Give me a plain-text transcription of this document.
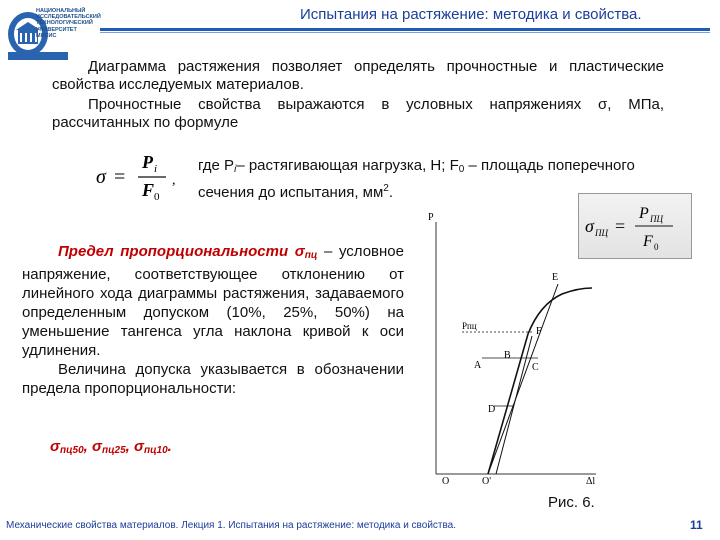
НАЦИОНАЛЬНЫЙ
ИССЛЕДОВАТЕЛЬСКИЙ
ТЕХНОЛОГИЧЕСКИЙ
УНИВЕРСИТЕТ
МИСИС
Испытания на растяжение: методика и свойства.
Диаграмма растяжения позволяет определять прочностные и пластические свойства исследуемых материалов.
Прочностные свойства выражаются в условных напряжениях σ, МПа, рассчитанных по формуле
σ =
P i
F 0
,
где $P_i-$ растягивающая нагрузка, Н; $F_0$ – площадь поперечного сечения до испытания, $мм^2$.
σ ПЦ =
P ПЦ
F 0
Предел пропорциональности $\sigma_{пц}$ – условное напряжение, соответствующее отклонению от линейного хода диаграммы растяжения, задаваемого определенным допуском (10%, 25%, 50%) на уменьшение тангенса угла наклона кривой к оси удлинения.
Величина допуска указывается в обозначении предела пропорциональности:
$\sigma_{пц50}$, $\sigma_{пц25}$, $\sigma_{пц10}$.
P
Δl
E
F
Pпц
A
B
C
D
O	O'
Рис. 6.
Механические свойства материалов. Лекция 1. Испытания на растяжение: методика и свойства.	11
